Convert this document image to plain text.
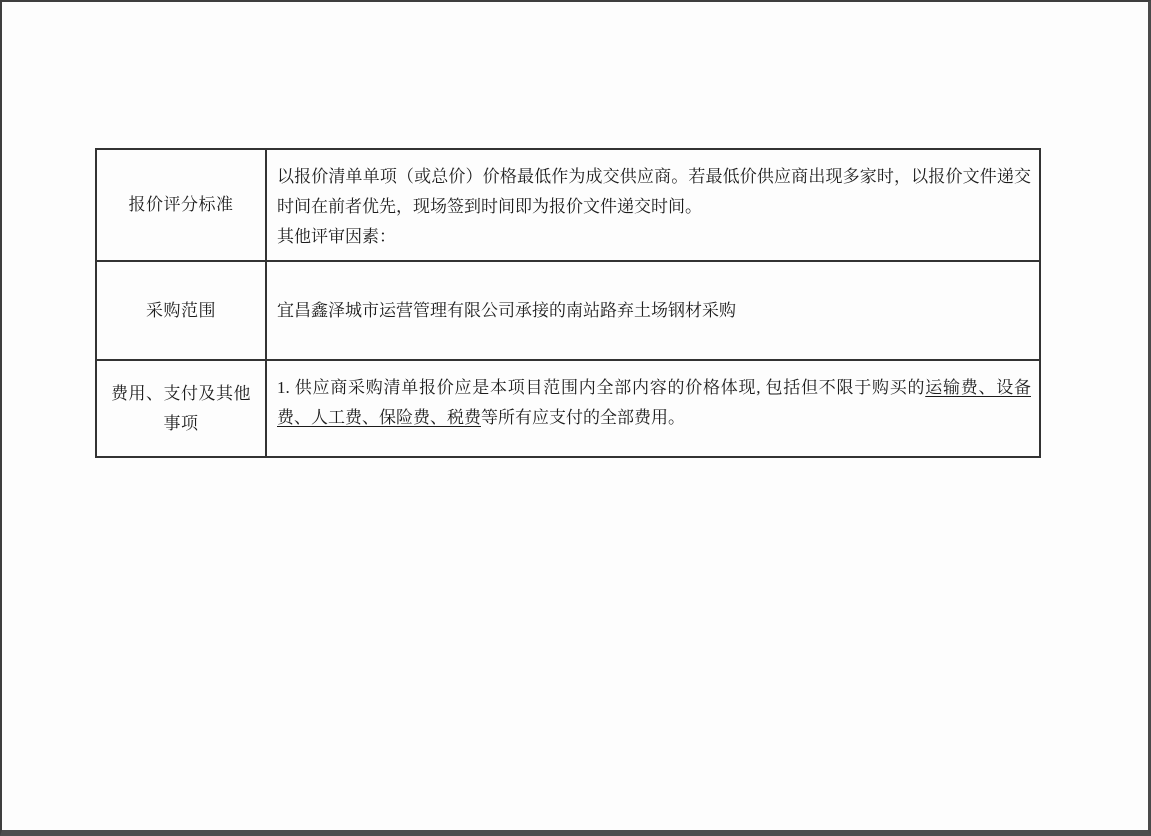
报价评分标准	以报价清单单项（或总价）价格最低作为成交供应商。若最低价供应商出现多家时，以报价文件递交时间在前者优先，现场签到时间即为报价文件递交时间。

其他评审因素：

采购范围	宜昌鑫泽城市运营管理有限公司承接的南站路弃土场钢材采购

费用、支付及其他事项	1. 供应商采购清单报价应是本项目范围内全部内容的价格体现, 包括但不限于购买的运输费、设备费、人工费、保险费、税费等所有应支付的全部费用。
